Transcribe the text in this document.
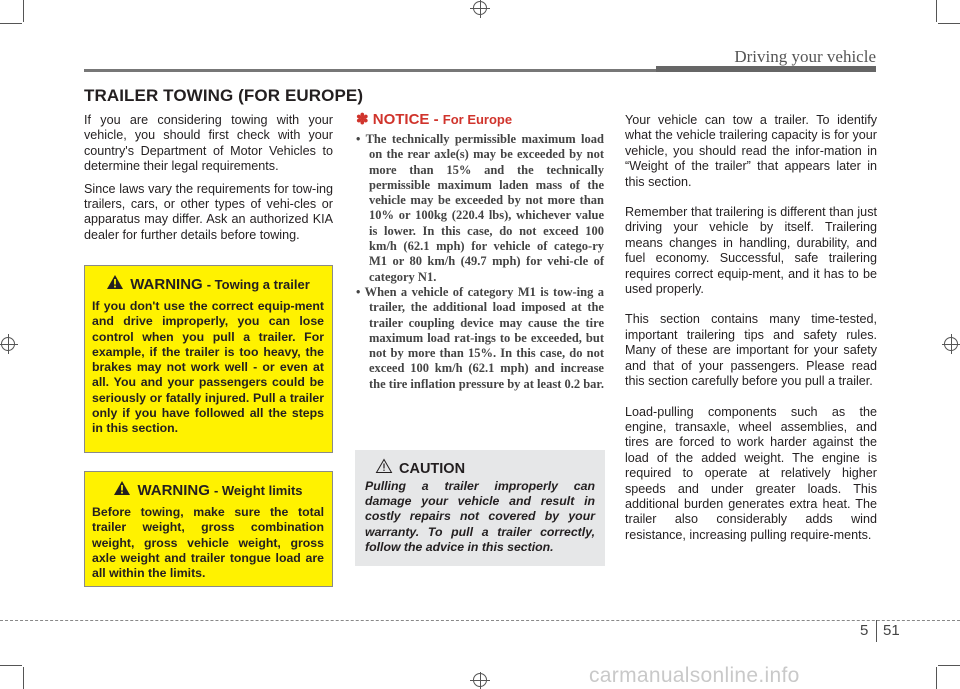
Driving your vehicle
TRAILER TOWING (FOR EUROPE)

If you are considering towing with your vehicle, you should first check with your country's Department of Motor Vehicles to determine their legal requirements.

Since laws vary the requirements for tow-ing trailers, cars, or other types of vehi-cles or apparatus may differ. Ask an authorized KIA dealer for further details before towing.

WARNING - Towing a trailer
If you don't use the correct equip-ment and drive improperly, you can lose control when you pull a trailer. For example, if the trailer is too heavy, the brakes may not work well - or even at all. You and your passengers could be seriously or fatally injured. Pull a trailer only if you have followed all the steps in this section.
WARNING - Weight limits
Before towing, make sure the total trailer weight, gross combination weight, gross vehicle weight, gross axle weight and trailer tongue load are all within the limits.
✽ NOTICE - For Europe
• The technically permissible maximum load on the rear axle(s) may be exceeded by not more than 15% and the technically permissible maximum laden mass of the vehicle may be exceeded by not more than 10% or 100kg (220.4 lbs), whichever value is lower. In this case, do not exceed 100 km/h (62.1 mph) for vehicle of catego-ry M1 or 80 km/h (49.7 mph) for vehi-cle of category N1.
• When a vehicle of category M1 is tow-ing a trailer, the additional load imposed at the trailer coupling device may cause the tire maximum load rat-ings to be exceeded, but not by more than 15%. In this case, do not exceed 100 km/h (62.1 mph) and increase the tire inflation pressure by at least 0.2 bar.
CAUTION
Pulling a trailer improperly can damage your vehicle and result in costly repairs not covered by your warranty. To pull a trailer correctly, follow the advice in this section.

Your vehicle can tow a trailer. To identify what the vehicle trailering capacity is for your vehicle, you should read the infor-mation in “Weight of the trailer” that appears later in this section.

Remember that trailering is different than just driving your vehicle by itself. Trailering means changes in handling, durability, and fuel economy. Successful, safe trailering requires correct equip-ment, and it has to be used properly.

This section contains many time-tested, important trailering tips and safety rules. Many of these are important for your safety and that of your passengers. Please read this section carefully before you pull a trailer.

Load-pulling components such as the engine, transaxle, wheel assemblies, and tires are forced to work harder against the load of the added weight. The engine is required to operate at relatively higher speeds and under greater loads. This additional burden generates extra heat. The trailer also considerably adds wind resistance, increasing pulling require-ments.

5 51
carmanualsonline.info
